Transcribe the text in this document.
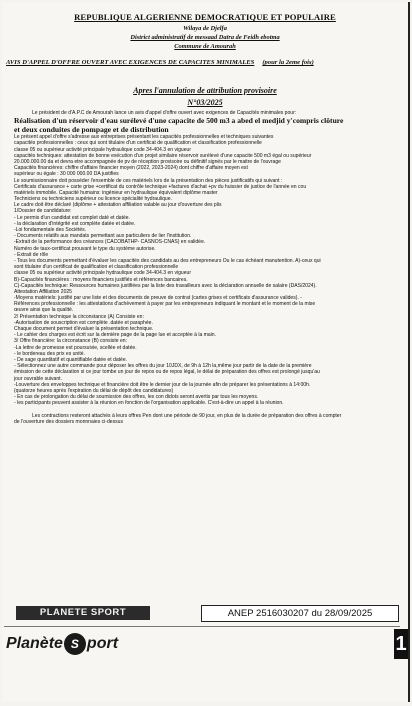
REPUBLIQUE ALGERIENNE DEMOCRATIQUE ET POPULAIRE
Wilaya de Djelfa
District administratif de messaad Daïra de Feidh ebotma
Commune de Amourah
AVIS D'APPEL D'OFFRE OUVERT AVEC EXIGENCES DE CAPACITES MINIMALES (pour la 2eme fois)
Apres l'annulation de attribution provisoire
N°03/2025

Le président de d'A.P.C de Amourah lance un avis d'appel d'offre ouvert avec exigences de Capacités minimales pour:

Réalisation d'un réservoir d'eau surélevé d'une capacite de 500 m3 a abed el medjid y'compris clôture

et deux conduites de pompage et de distribution

Le présent appel d'offre s'adresse aux entreprises présentant les capacités professionnelles et techniques suivantes

capacités professionnelles : ceux qui sont titulaire d'un certificat de qualification et classification professionnelle

classe 05 ou supérieur activité principale hydraulique code 34-404.3 en vigueur

capacités techniques: attestation de bonne exécution d'un projet similaire réservoir surélevé d'une capacite 500 m3 égal ou supérieur

20.000.000.00 da et devra etre accompagnée de pv de réception provisoire ou définitif signés par le maitre de l'ouvrage

Capacités financières: chiffre d'affaire financier moyen (2022, 2023-2024) dont chiffre d'affaire moyen est

supérieur ou égale : 30 000 000.00 DA justifies

Le soumissionnaire doit posséder l'ensemble de ces matériels lors de la présentation des pièces justificatifs qui suivant :

Certificats d'assurance + carte grise +certificat du contrôle technique +factures d'achat +pv du huissier de justice de l'année en cou

matériels immobile. Capacité humains: ingénieur en hydraulique équivalent diplôme master

Techniciens ou techniciens supérieur ou licence spécialité hydraulique.

Le cadre doit être déclaré (diplôme + attestation affiliation valable au jour d'ouverture des plis

1/Dossier de candidature:

- Le permis d'un candidat est complet daté et datée.

- la déclaration d'intégrité est complète datée et datée.

-Loi fondamentale des Sociétés.

- Documents relatifs aux mandats permettant aux particuliers de lier l'institution.

-Extrait de la performance des créances (CACOBATHP- CASNOS-CNAS) en validée.

Numéro de taux-certificat prouvant le type du système autorise.

- Extrait de rôle

- Tous les documents permettant d'évaluer les capacités des candidats au des entrepreneurs Ou le cas échéant manutention. A)-ceux qui

sont titulaire d'un certificat de qualification et classification professionnelle

classe 05 ou supérieur activité principale hydraulique code 34-404.3 en vigueur

B)-Capacités financières : moyens financiers justifiés et références bancaires.

C)-Capacités technique: Ressources humaines justifiées par la liste des travailleurs avec la déclaration annuelle de salaire (DAS/2024).

Attestation Affiliation 2025

-Moyens matériels: justifié par une liste et des documents de preuve de contrat (cartes grises et certificats d'assurance valides). -

Références professionnelle : les attestations d'achèvement à payer par les entrepreneurs indiquant le montant et le moment de la mise

œuvre ainsi que la qualité.

2/ Présentation technique la circonstance (A) Consiste en:

-Autorisation de souscription est complète .datée et paraphée.

Chaque document permet d'évaluer la présentation technique.

- Le cahier des charges est écrit sur la dernière page de la page lue et acceptée à la main.

3/ Offre financière: la circonstance (B) consiste en:

-La lettre de promesse est poursuivie, scellée et datée.

- le bordereau des prix es unité.

- De sage quantitatif et quantifiable datée et datée.

- Sélectionnez une autre commande pour déposer les offres du jour 10JDX, de 9h à 12h la,même jour partir de la date de la première

émission de cette déclaration si ce jour tombe un jour de repos ou de repos légal, le délai de préparation des offres est prolongé jusqu'au

jour ouvrable suivant.

-Louverture des enveloppes technique et financière doit être le dernier jour de la journée afin de préparer les présentations à 14:00h.

(quatorze heures après l'expiration du délai de dépôt des candidatures)

- En cas de prolongation du délai de soumission des offres, les con didots seront avertis par tous les moyens.

- les participants peuvent assister à la réunion en fonction de l'organisation applicable. C'est-à-dire un appel à la réunion.

Les contractions resteront attachés à leurs offres Pen dont une période de 90 jour, en plus de la durée de préparation des offres à compter

de l'ouverture des dossiers monnnaies ci-dessus

PLANETE SPORT	ANEP 2516030207 du 28/09/2025
Planète S port	1
